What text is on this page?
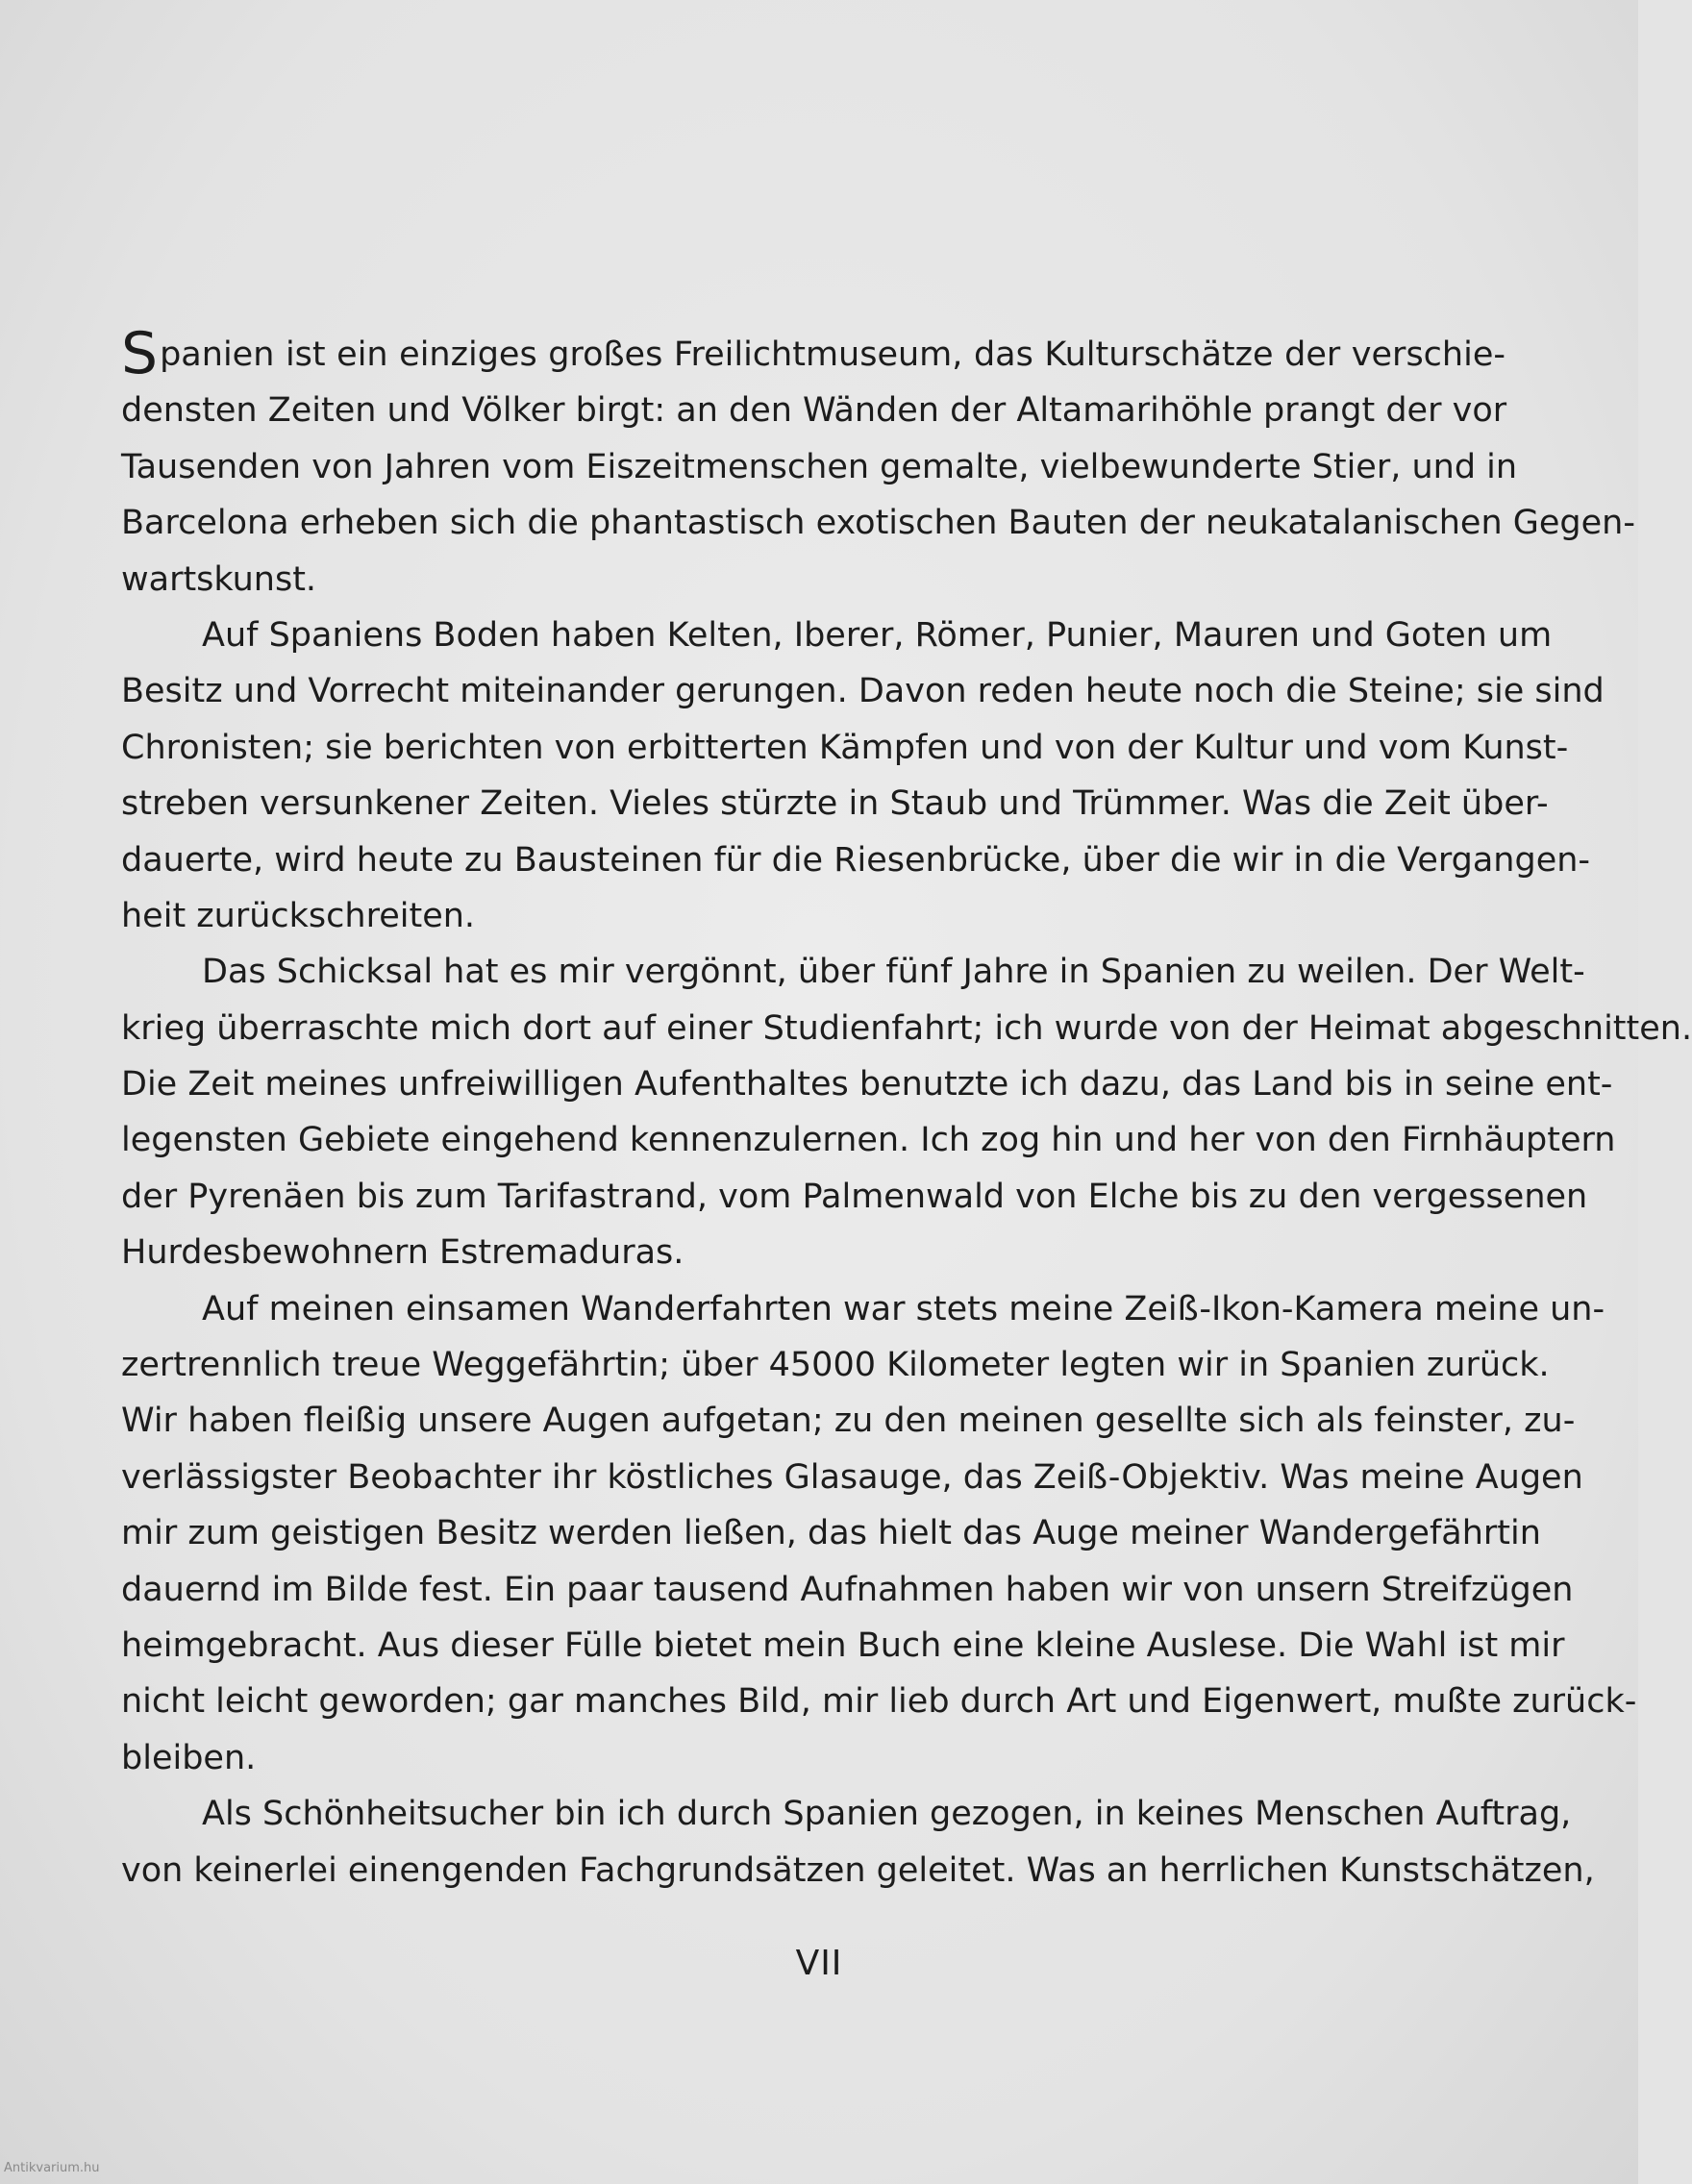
Spanien ist ein einziges großes Freilichtmuseum, das Kulturschätze der verschie-
densten Zeiten und Völker birgt: an den Wänden der Altamarihöhle prangt der vor
Tausenden von Jahren vom Eiszeitmenschen gemalte, vielbewunderte Stier, und in
Barcelona erheben sich die phantastisch exotischen Bauten der neukatalanischen Gegen-
wartskunst.
Auf Spaniens Boden haben Kelten, Iberer, Römer, Punier, Mauren und Goten um
Besitz und Vorrecht miteinander gerungen. Davon reden heute noch die Steine; sie sind
Chronisten; sie berichten von erbitterten Kämpfen und von der Kultur und vom Kunst-
streben versunkener Zeiten. Vieles stürzte in Staub und Trümmer. Was die Zeit über-
dauerte, wird heute zu Bausteinen für die Riesenbrücke, über die wir in die Vergangen-
heit zurückschreiten.
Das Schicksal hat es mir vergönnt, über fünf Jahre in Spanien zu weilen. Der Welt-
krieg überraschte mich dort auf einer Studienfahrt; ich wurde von der Heimat abgeschnitten.
Die Zeit meines unfreiwilligen Aufenthaltes benutzte ich dazu, das Land bis in seine ent-
legensten Gebiete eingehend kennenzulernen. Ich zog hin und her von den Firnhäuptern
der Pyrenäen bis zum Tarifastrand, vom Palmenwald von Elche bis zu den vergessenen
Hurdesbewohnern Estremaduras.
Auf meinen einsamen Wanderfahrten war stets meine Zeiß-Ikon-Kamera meine un-
zertrennlich treue Weggefährtin; über 45000 Kilometer legten wir in Spanien zurück.
Wir haben fleißig unsere Augen aufgetan; zu den meinen gesellte sich als feinster, zu-
verlässigster Beobachter ihr köstliches Glasauge, das Zeiß-Objektiv. Was meine Augen
mir zum geistigen Besitz werden ließen, das hielt das Auge meiner Wandergefährtin
dauernd im Bilde fest. Ein paar tausend Aufnahmen haben wir von unsern Streifzügen
heimgebracht. Aus dieser Fülle bietet mein Buch eine kleine Auslese. Die Wahl ist mir
nicht leicht geworden; gar manches Bild, mir lieb durch Art und Eigenwert, mußte zurück-
bleiben.
Als Schönheitsucher bin ich durch Spanien gezogen, in keines Menschen Auftrag,
von keinerlei einengenden Fachgrundsätzen geleitet. Was an herrlichen Kunstschätzen,
VII
Antikvarium.hu
